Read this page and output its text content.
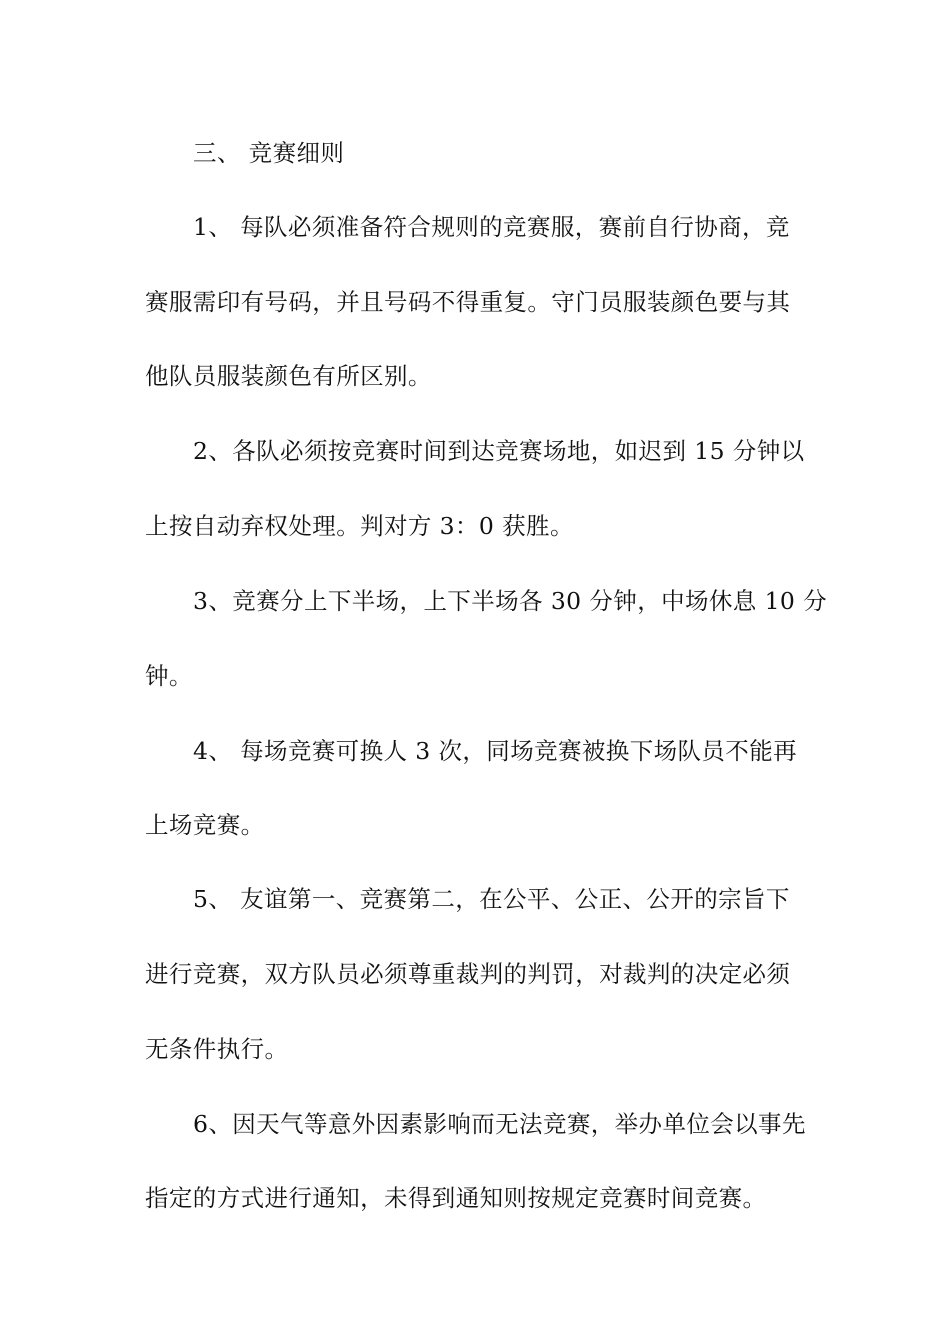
三、 竞赛细则
1、 每队必须准备符合规则的竞赛服，赛前自行协商，竞
赛服需印有号码，并且号码不得重复。守门员服装颜色要与其
他队员服装颜色有所区别。
2、各队必须按竞赛时间到达竞赛场地，如迟到 15 分钟以
上按自动弃权处理。判对方 3：0 获胜。
3、竞赛分上下半场，上下半场各 30 分钟，中场休息 10 分
钟。
4、 每场竞赛可换人 3 次，同场竞赛被换下场队员不能再
上场竞赛。
5、 友谊第一、竞赛第二，在公平、公正、公开的宗旨下
进行竞赛，双方队员必须尊重裁判的判罚，对裁判的决定必须
无条件执行。
6、因天气等意外因素影响而无法竞赛，举办单位会以事先
指定的方式进行通知，未得到通知则按规定竞赛时间竞赛。
